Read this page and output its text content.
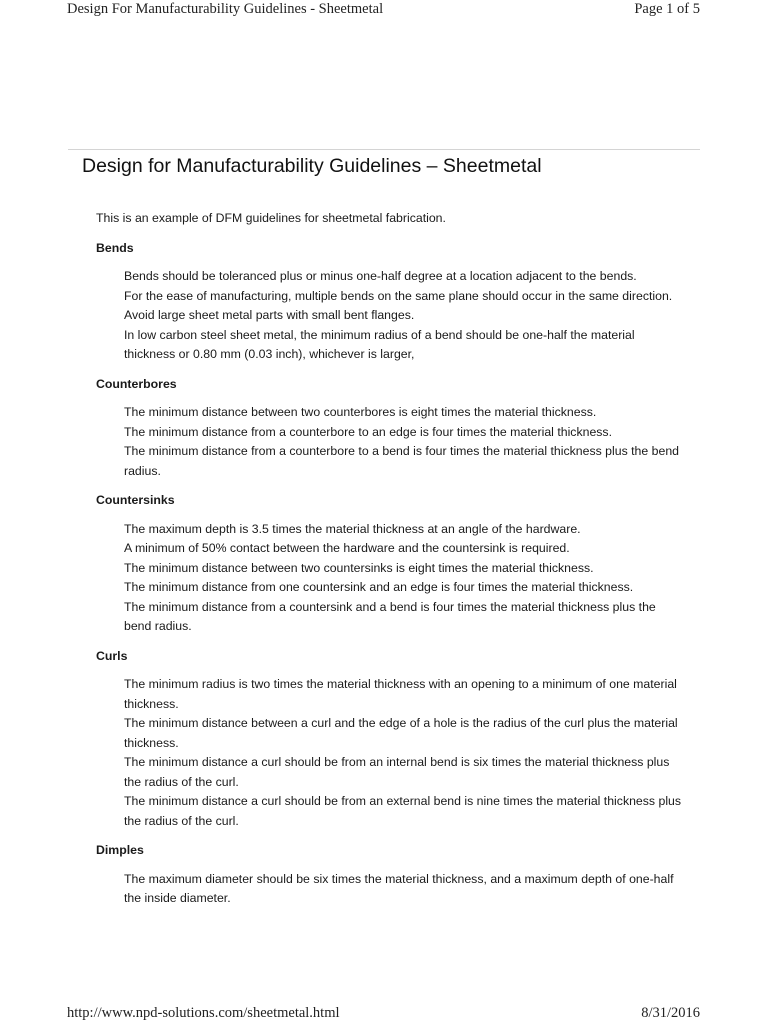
Design For Manufacturability Guidelines - Sheetmetal	Page 1 of 5
Design for Manufacturability Guidelines – Sheetmetal

This is an example of DFM guidelines for sheetmetal fabrication.

Bends
Bends should be toleranced plus or minus one-half degree at a location adjacent to the bends.
For the ease of manufacturing, multiple bends on the same plane should occur in the same direction.
Avoid large sheet metal parts with small bent flanges.
In low carbon steel sheet metal, the minimum radius of a bend should be one-half the material thickness or 0.80 mm (0.03 inch), whichever is larger,
Counterbores
The minimum distance between two counterbores is eight times the material thickness.
The minimum distance from a counterbore to an edge is four times the material thickness.
The minimum distance from a counterbore to a bend is four times the material thickness plus the bend radius.
Countersinks
The maximum depth is 3.5 times the material thickness at an angle of the hardware.
A minimum of 50% contact between the hardware and the countersink is required.
The minimum distance between two countersinks is eight times the material thickness.
The minimum distance from one countersink and an edge is four times the material thickness.
The minimum distance from a countersink and a bend is four times the material thickness plus the bend radius.
Curls
The minimum radius is two times the material thickness with an opening to a minimum of one material thickness.
The minimum distance between a curl and the edge of a hole is the radius of the curl plus the material thickness.
The minimum distance a curl should be from an internal bend is six times the material thickness plus the radius of the curl.
The minimum distance a curl should be from an external bend is nine times the material thickness plus the radius of the curl.
Dimples
The maximum diameter should be six times the material thickness, and a maximum depth of one-half the inside diameter.
http://www.npd-solutions.com/sheetmetal.html	8/31/2016
